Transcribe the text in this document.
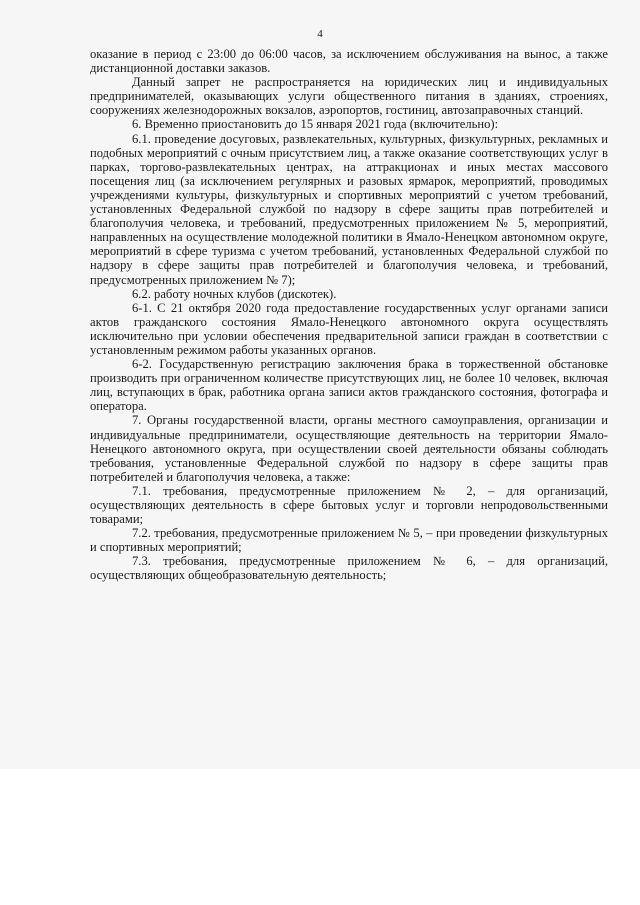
4

оказание в период с 23:00 до 06:00 часов, за исключением обслуживания на вынос, а также дистанционной доставки заказов.

Данный запрет не распространяется на юридических лиц и индивидуальных предпринимателей, оказывающих услуги общественного питания в зданиях, строениях, сооружениях железнодорожных вокзалов, аэропортов, гостиниц, автозаправочных станций.

6. Временно приостановить до 15 января 2021 года (включительно):

6.1. проведение досуговых, развлекательных, культурных, физкультурных, рекламных и подобных мероприятий с очным присутствием лиц, а также оказание соответствующих услуг в парках, торгово-развлекательных центрах, на аттракционах и иных местах массового посещения лиц (за исключением регулярных и разовых ярмарок, мероприятий, проводимых учреждениями культуры, физкультурных и спортивных мероприятий с учетом требований, установленных Федеральной службой по надзору в сфере защиты прав потребителей и благополучия человека, и требований, предусмотренных приложением № 5, мероприятий, направленных на осуществление молодежной политики в Ямало-Ненецком автономном округе, мероприятий в сфере туризма с учетом требований, установленных Федеральной службой по надзору в сфере защиты прав потребителей и благополучия человека, и требований, предусмотренных приложением № 7);

6.2. работу ночных клубов (дискотек).

6-1. С 21 октября 2020 года предоставление государственных услуг органами записи актов гражданского состояния Ямало-Ненецкого автономного округа осуществлять исключительно при условии обеспечения предварительной записи граждан в соответствии с установленным режимом работы указанных органов.

6-2. Государственную регистрацию заключения брака в торжественной обстановке производить при ограниченном количестве присутствующих лиц, не более 10 человек, включая лиц, вступающих в брак, работника органа записи актов гражданского состояния, фотографа и оператора.

7. Органы государственной власти, органы местного самоуправления, организации и индивидуальные предприниматели, осуществляющие деятельность на территории Ямало-Ненецкого автономного округа, при осуществлении своей деятельности обязаны соблюдать требования, установленные Федеральной службой по надзору в сфере защиты прав потребителей и благополучия человека, а также:

7.1. требования, предусмотренные приложением № 2, – для организаций, осуществляющих деятельность в сфере бытовых услуг и торговли непродовольственными товарами;

7.2. требования, предусмотренные приложением № 5, – при проведении физкультурных и спортивных мероприятий;

7.3. требования, предусмотренные приложением № 6, – для организаций, осуществляющих общеобразовательную деятельность;
